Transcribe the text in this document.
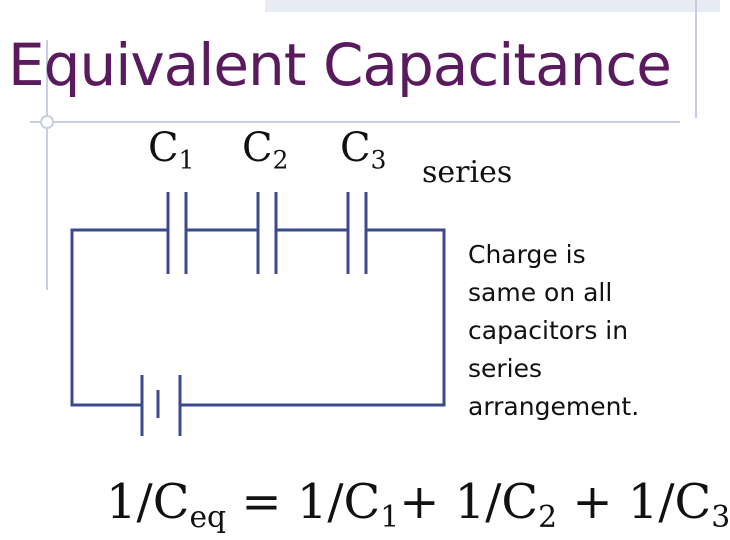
Equivalent Capacitance
$C_1$ $C_2$ $C_3$ series
Charge is
same on all
capacitors in
series
arrangement.
$1/C_{eq} = 1/C_1+ 1/C_2 + 1/C_3$
